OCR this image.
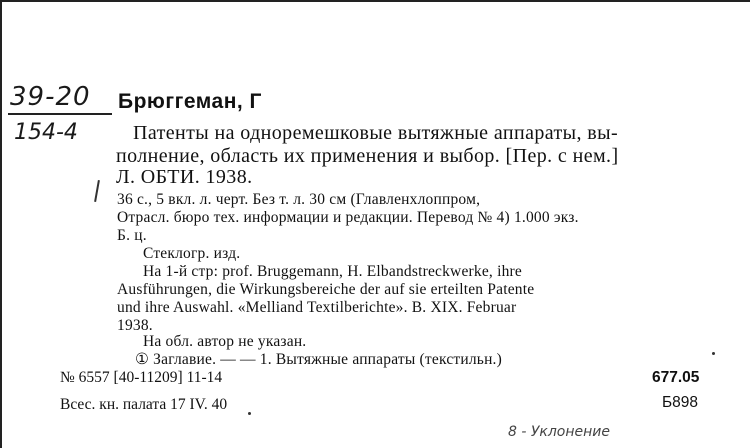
39-20
154-4
Брюггеман, Г
Патенты на одноремешковые вытяжные аппараты, вы-
полнение, область их применения и выбор. [Пер. с нем.]
Л. ОБТИ. 1938.
36 с., 5 вкл. л. черт. Без т. л. 30 см (Главленхлоппром,
Отрасл. бюро тех. информации и редакции. Перевод № 4) 1.000 экз.
Б. ц.
Стеклогр. изд.
На 1-й стр: prof. Bruggemann, H. Elbandstreckwerke, ihre
Ausführungen, die Wirkungsbereiche der auf sie erteilten Patente
und ihre Auswahl. «Melliand Textilberichte». B. XIX. Februar
1938.
На обл. автор не указан.
① Заглавие. — — 1. Вытяжные аппараты (текстильн.)
№ 6557 [40-11209] 11-14	677.05
Всес. кн. палата 17 IV. 40	Б898
8 - Уклонение
